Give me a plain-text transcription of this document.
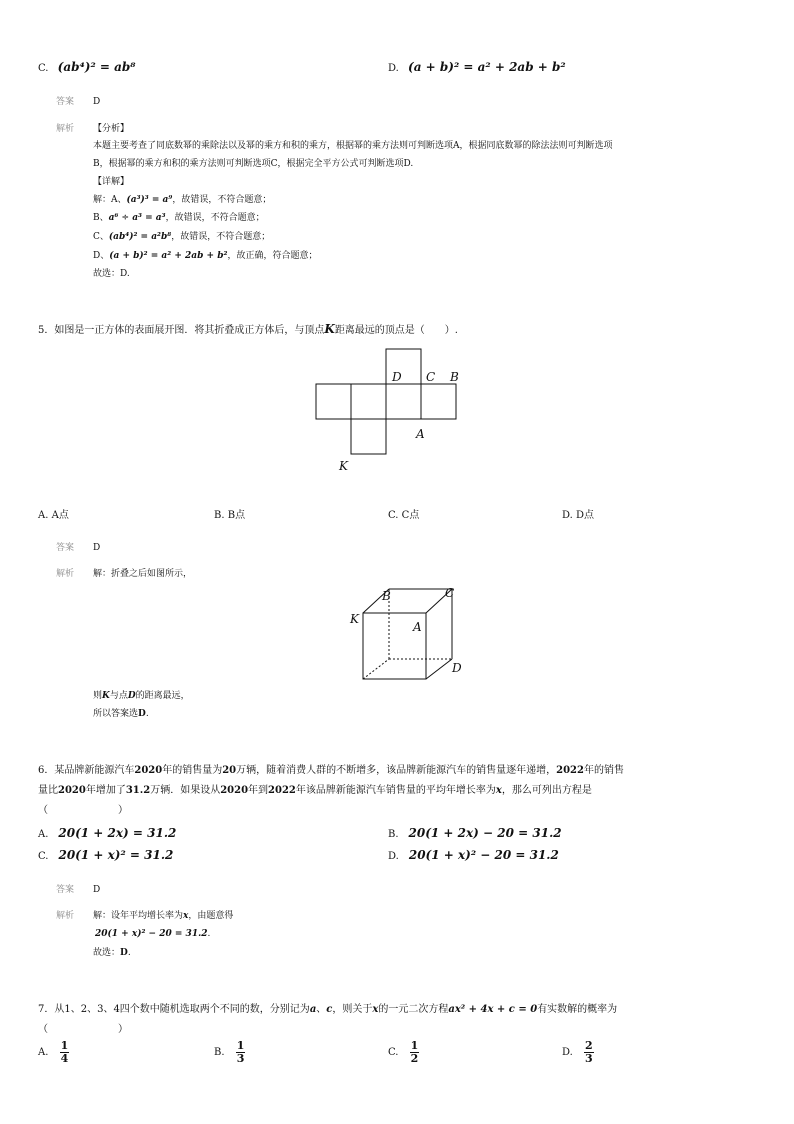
C. (ab⁴)² = ab⁸	D. (a + b)² = a² + 2ab + b²
答案 D
解析 【分析】
本题主要考查了同底数幂的乘除法以及幂的乘方和积的乘方，根据幂的乘方法则可判断选项A，根据同底数幂的除法法则可判断选项
B，根据幂的乘方和积的乘方法则可判断选项C，根据完全平方公式可判断选项D.
【详解】
解：A、(a³)³ = a⁹，故错误，不符合题意；
B、a⁶ ÷ a³ = a³，故错误，不符合题意；
C、(ab⁴)² = a²b⁸，故错误，不符合题意；
D、(a + b)² = a² + 2ab + b²，故正确，符合题意；
故选：D.
5．如图是一正方体的表面展开图．将其折叠成正方体后，与顶点K距离最远的顶点是（　　）.
D C B
A
K
A. A点	B. B点	C. C点	D. D点
答案 D
解析 解：折叠之后如图所示，
B	C
K
A
D
则K与点D的距离最远，
所以答案选D.
6．某品牌新能源汽车2020年的销售量为20万辆，随着消费人群的不断增多，该品牌新能源汽车的销售量逐年递增，2022年的销售
量比2020年增加了31.2万辆．如果设从2020年到2022年该品牌新能源汽车销售量的平均年增长率为x，那么可列出方程是
（　　　　　　　）
A. 20(1 + 2x) = 31.2	B. 20(1 + 2x) − 20 = 31.2
C. 20(1 + x)² = 31.2	D. 20(1 + x)² − 20 = 31.2
答案 D
解析 解：设年平均增长率为x，由题意得
20(1 + x)² − 20 = 31.2.
故选：D.
7．从1、2、3、4四个数中随机选取两个不同的数，分别记为a、c，则关于x的一元二次方程ax² + 4x + c = 0有实数解的概率为
（　　　　　　　）
A. $\frac{1}{4}$	B. $\frac{1}{3}$	C. $\frac{1}{2}$	D. $\frac{2}{3}$
